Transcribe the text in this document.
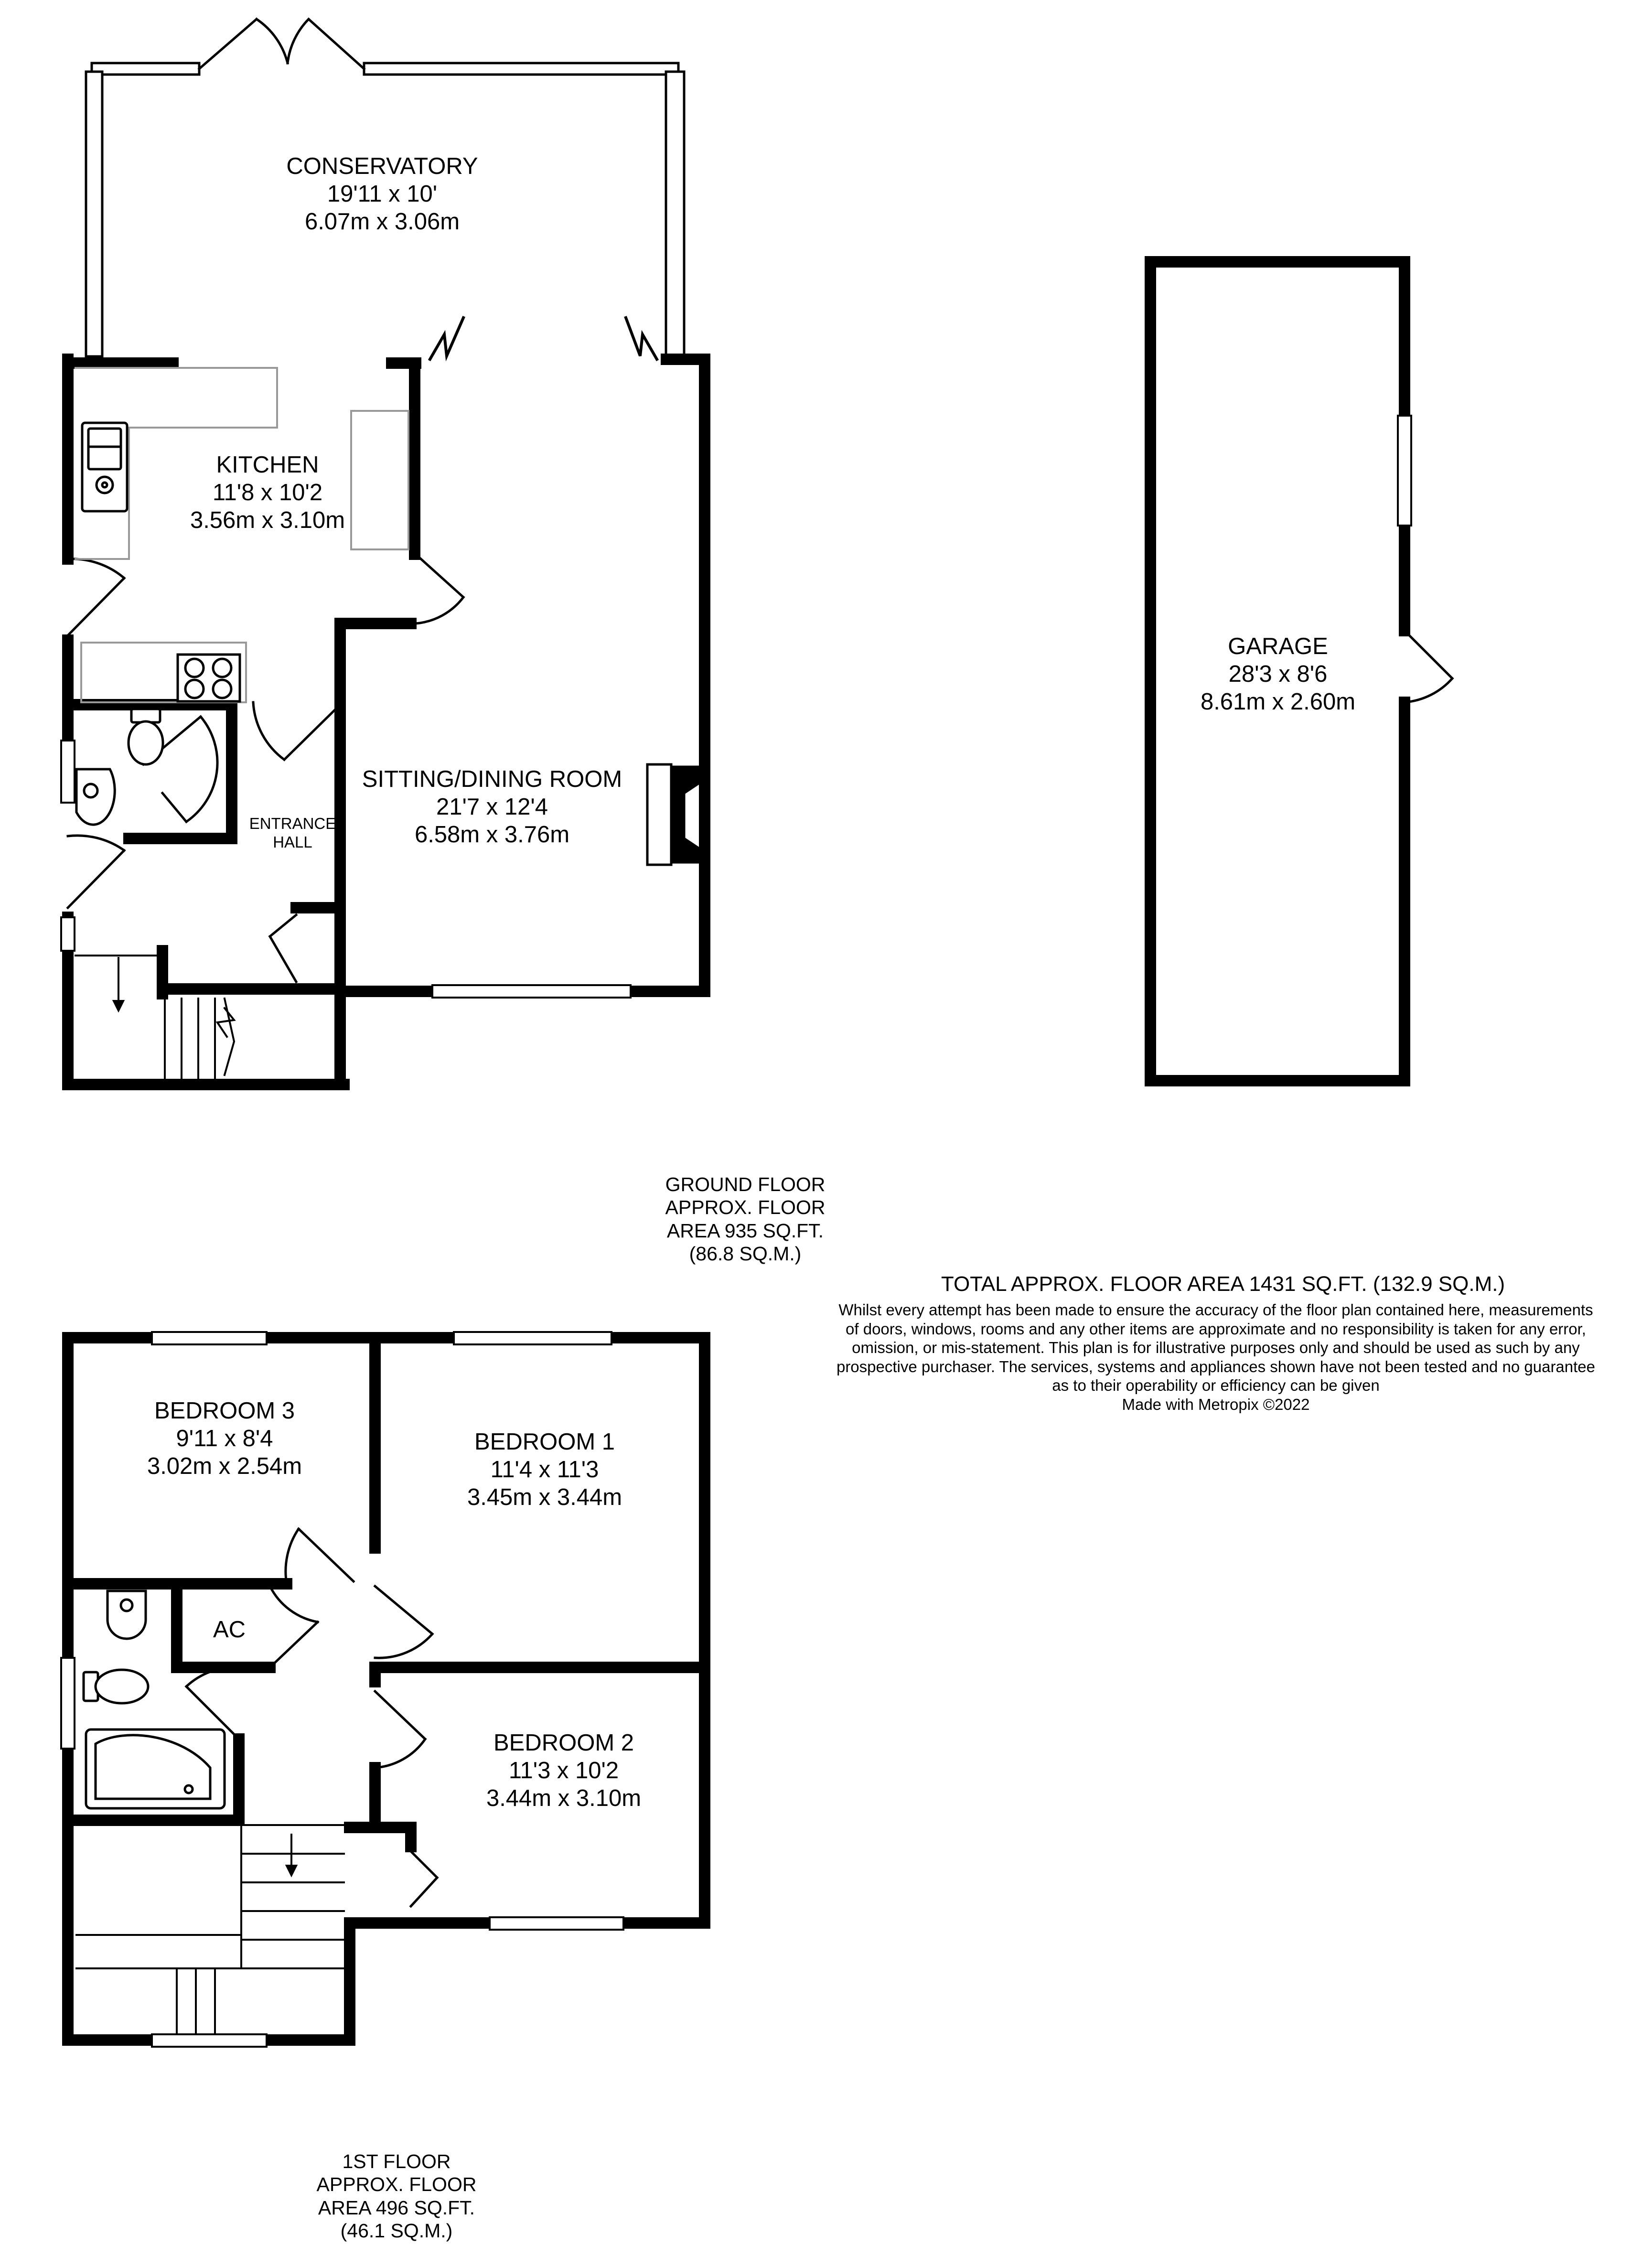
CONSERVATORY
19'11 x 10'
6.07m x 3.06m
KITCHEN
11'8 x 10'2
3.56m x 3.10m
SITTING/DINING ROOM
21'7 x 12'4
6.58m x 3.76m
ENTRANCE
HALL
GARAGE
28'3 x 8'6
8.61m x 2.60m
GROUND FLOOR
APPROX. FLOOR
AREA 935 SQ.FT.
(86.8 SQ.M.)
TOTAL APPROX. FLOOR AREA 1431 SQ.FT. (132.9 SQ.M.)
Whilst every attempt has been made to ensure the accuracy of the floor plan contained here, measurements
of doors, windows, rooms and any other items are approximate and no responsibility is taken for any error,
omission, or mis-statement. This plan is for illustrative purposes only and should be used as such by any
prospective purchaser. The services, systems and appliances shown have not been tested and no guarantee
as to their operability or efficiency can be given
Made with Metropix ©2022
BEDROOM 3
9'11 x 8'4
3.02m x 2.54m
BEDROOM 1
11'4 x 11'3
3.45m x 3.44m
AC
BEDROOM 2
11'3 x 10'2
3.44m x 3.10m
1ST FLOOR
APPROX. FLOOR
AREA 496 SQ.FT.
(46.1 SQ.M.)
